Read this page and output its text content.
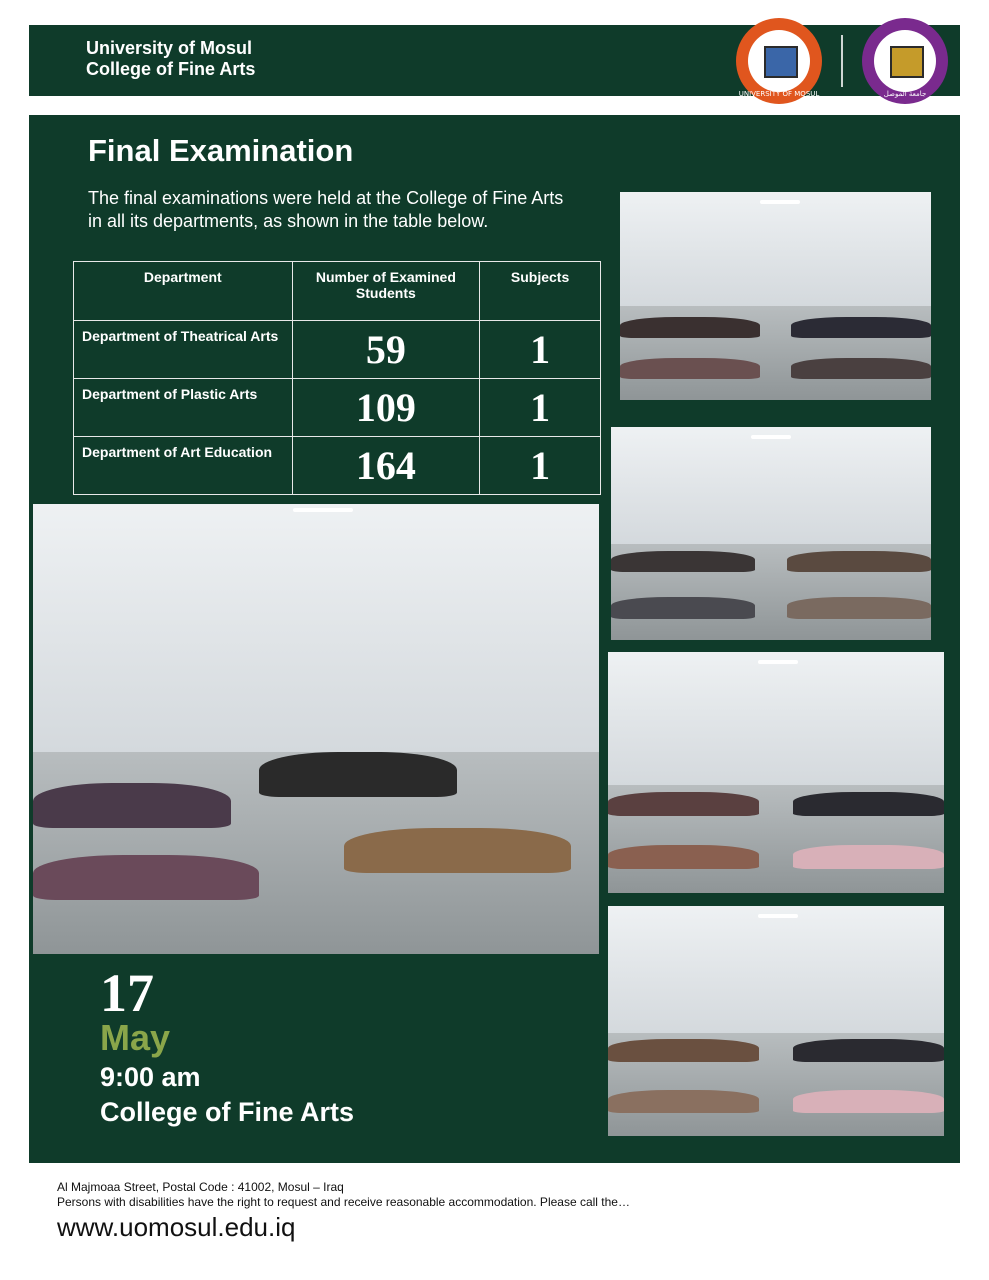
University of Mosul
College of Fine Arts
UNIVERSITY OF MOSUL	جامعة الموصل
Final Examination
The final examinations were held at the College of Fine Arts in all its departments, as shown in the table below.
Department	Number of Examined Students	Subjects
Department of Theatrical Arts	59	1
Department of Plastic Arts	109	1
Department of Art Education	164	1
17
May
9:00 am
College of Fine Arts
Al Majmoaa Street, Postal Code : 41002, Mosul – Iraq
Persons with disabilities have the right to request and receive reasonable accommodation. Please call the…
www.uomosul.edu.iq
